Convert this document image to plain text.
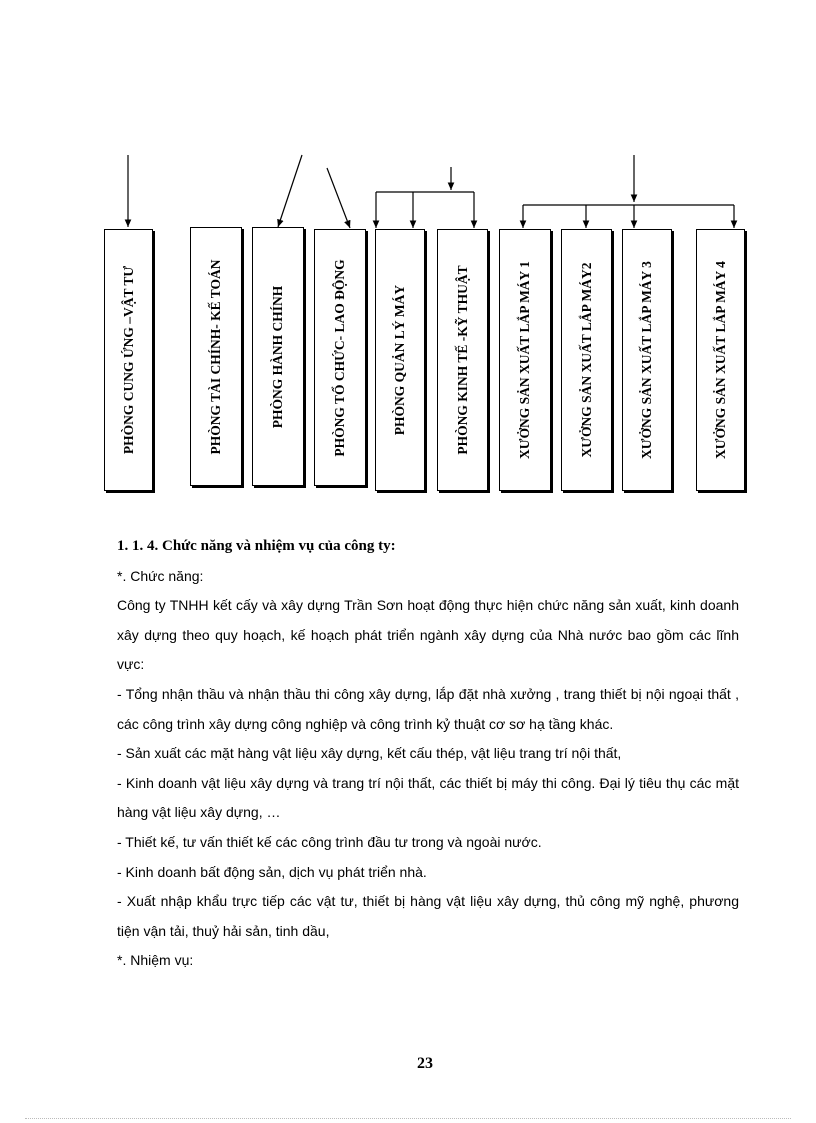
PHÒNG CUNG ỨNG –VẬT TƯ	PHÒNG TÀI CHÍNH- KẾ TOÁN	PHÒNG HÀNH CHÍNH	PHÒNG TỔ CHỨC- LAO ĐỘNG	PHÒNG QUẢN LÝ MÁY	PHÒNG KINH TẾ -KỸ THUẬT	XƯỞNG SẢN XUẤT LẮP MÁY 1	XƯỞNG SẢN XUẤT LẮP MÁY2	XƯỞNG SẢN XUẤT LẮP MÁY 3	XƯỞNG SẢN XUẤT LẮP MÁY 4

1. 1. 4. Chức năng và nhiệm vụ của công ty:

*. Chức năng:

Công ty TNHH kết cấy và xây dựng Trần Sơn hoạt động thực hiện chức năng sản xuất, kinh doanh xây dựng theo quy hoạch, kế hoạch phát triển ngành xây dựng của Nhà nước bao gồm các lĩnh vực:

- Tổng nhận thầu và nhận thầu thi công xây dựng, lắp đặt nhà xưởng , trang thiết bị nội ngoại thất , các công trình xây dựng công nghiệp và công trình kỷ thuật cơ sơ hạ tầng khác.

- Sản xuất các mặt hàng vật liệu xây dựng, kết cấu thép, vật liệu trang trí nội thất,

- Kinh doanh vật liệu xây dựng và trang trí nội thất, các thiết bị máy thi công. Đại lý tiêu thụ các mặt hàng vật liệu xây dựng, …

- Thiết kế, tư vấn thiết kế các công trình đầu tư trong và ngoài nước.

- Kinh doanh bất động sản, dịch vụ phát triển nhà.

- Xuất nhập khẩu trực tiếp các vật tư, thiết bị hàng vật liệu xây dựng, thủ công mỹ nghệ, phương tiện vận tải, thuỷ hải sản, tinh dầu,

*. Nhiệm vụ:

23
